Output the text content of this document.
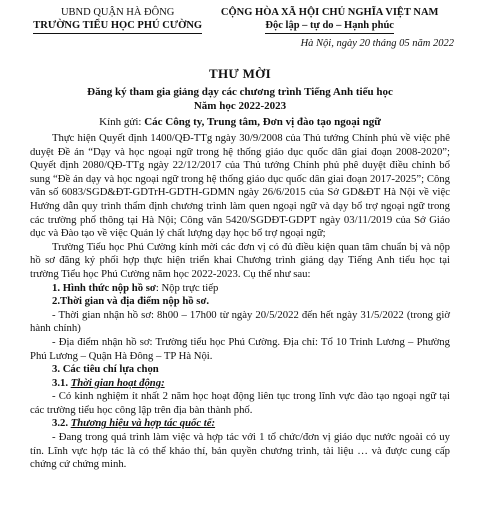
UBND QUẬN HÀ ĐÔNG
TRƯỜNG TIỂU HỌC PHÚ CƯỜNG
CỘNG HÒA XÃ HỘI CHỦ NGHĨA VIỆT NAM
Độc lập – tự do – Hạnh phúc
Hà Nội, ngày 20 tháng 05 năm 2022
THƯ MỜI
Đăng ký tham gia giảng dạy các chương trình Tiếng Anh tiểu học
Năm học 2022-2023
Kính gửi: Các Công ty, Trung tâm, Đơn vị đào tạo ngoại ngữ

Thực hiện Quyết định 1400/QĐ-TTg ngày 30/9/2008 của Thủ tướng Chính phủ về việc phê duyệt Đề án “Dạy và học ngoại ngữ trong hệ thống giáo dục quốc dân giai đoạn 2008-2020”; Quyết định 2080/QĐ-TTg ngày 22/12/2017 của Thủ tướng Chính phủ phê duyệt điều chỉnh bổ sung “Đề án dạy và học ngoại ngữ trong hệ thống giáo dục quốc dân giai đoạn 2017-2025”; Công văn số 6083/SGD&ĐT-GDTrH-GDTH-GDMN ngày 26/6/2015 của Sở GD&ĐT Hà Nội về việc Hướng dẫn quy trình thẩm định chương trình làm quen ngoại ngữ và dạy bổ trợ ngoại ngữ trong các trường phổ thông tại Hà Nội; Công văn 5420/SGDĐT-GDPT ngày 03/11/2019 của Sở Giáo dục và Đào tạo về việc Quản lý chất lượng dạy học bổ trợ ngoại ngữ;

Trường Tiểu học Phú Cường kính mời các đơn vị có đủ điều kiện quan tâm chuẩn bị và nộp hồ sơ đăng ký phối hợp thực hiện triển khai Chương trình giảng dạy Tiếng Anh tiểu học tại trường Tiểu học Phú Cường năm học 2022-2023. Cụ thể như sau:

1. Hình thức nộp hồ sơ: Nộp trực tiếp

2.Thời gian và địa điểm nộp hồ sơ.

- Thời gian nhận hồ sơ: 8h00 – 17h00 từ ngày 20/5/2022 đến hết ngày 31/5/2022 (trong giờ hành chính)

- Địa điểm nhận hồ sơ: Trường tiểu học Phú Cường. Địa chỉ: Tổ 10 Trinh Lương – Phường Phú Lương – Quận Hà Đông – TP Hà Nội.

3. Các tiêu chí lựa chọn

3.1. Thời gian hoạt động:

- Có kinh nghiệm ít nhất 2 năm học hoạt động liên tục trong lĩnh vực đào tạo ngoại ngữ tại các trường tiểu học công lập trên địa bàn thành phố.

3.2. Thương hiệu và hợp tác quốc tế:

- Đang trong quá trình làm việc và hợp tác với 1 tổ chức/đơn vị giáo dục nước ngoài có uy tín. Lĩnh vực hợp tác là có thể khảo thí, bản quyền chương trình, tài liệu … và được cung cấp chứng cứ chứng minh.
